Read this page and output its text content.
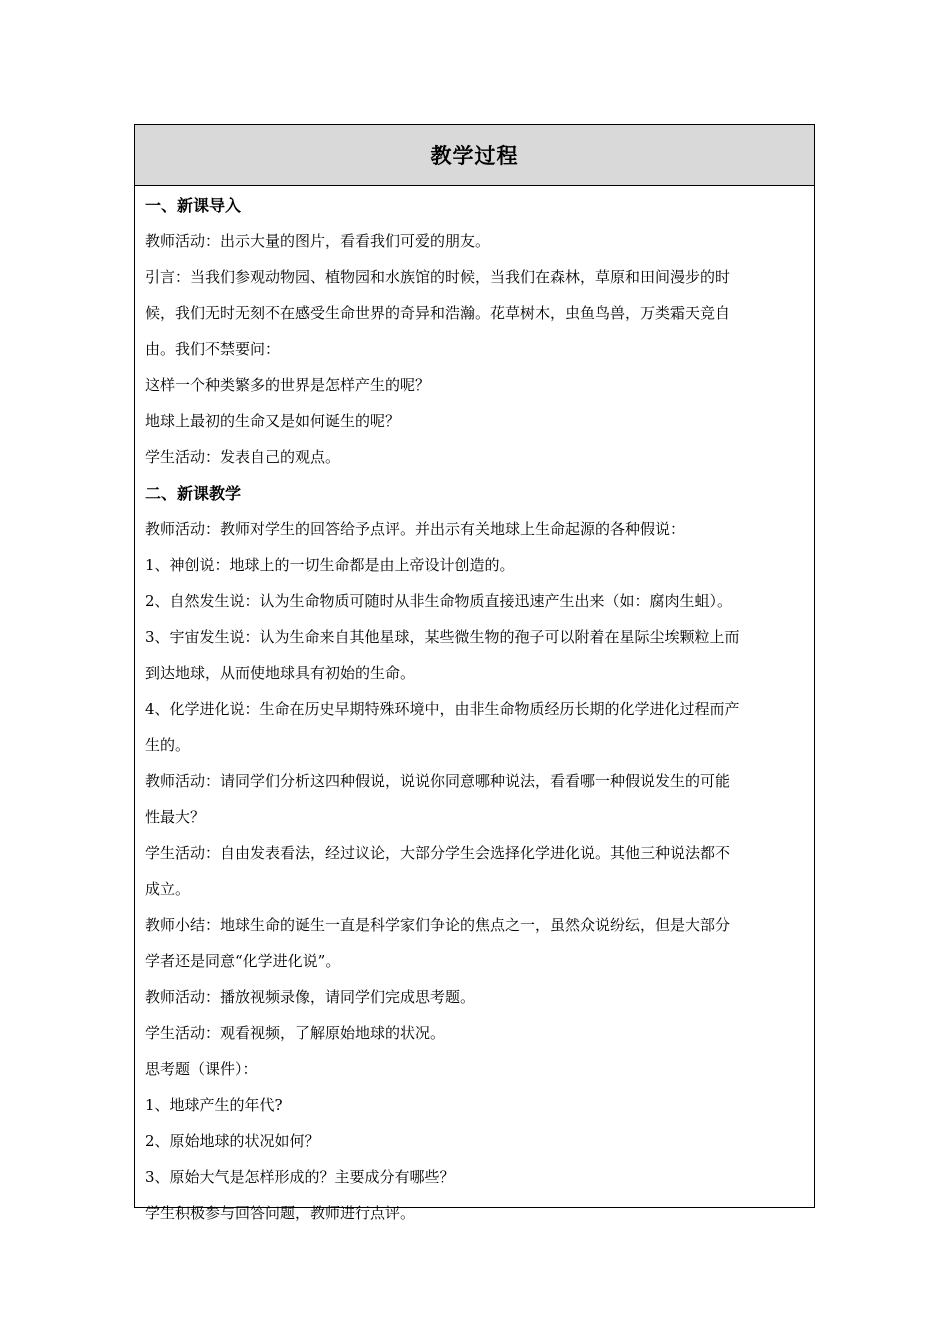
教学过程
一、新课导入
教师活动：出示大量的图片，看看我们可爱的朋友。
引言：当我们参观动物园、植物园和水族馆的时候，当我们在森林，草原和田间漫步的时
候，我们无时无刻不在感受生命世界的奇异和浩瀚。花草树木，虫鱼鸟兽，万类霜天竞自
由。我们不禁要问：
这样一个种类繁多的世界是怎样产生的呢？
地球上最初的生命又是如何诞生的呢？
学生活动：发表自己的观点。
二、新课教学
教师活动：教师对学生的回答给予点评。并出示有关地球上生命起源的各种假说：
1、神创说：地球上的一切生命都是由上帝设计创造的。
2、自然发生说：认为生命物质可随时从非生命物质直接迅速产生出来（如：腐肉生蛆）。
3、宇宙发生说：认为生命来自其他星球，某些微生物的孢子可以附着在星际尘埃颗粒上而
到达地球，从而使地球具有初始的生命。
4、化学进化说：生命在历史早期特殊环境中，由非生命物质经历长期的化学进化过程而产
生的。
教师活动：请同学们分析这四种假说，说说你同意哪种说法，看看哪一种假说发生的可能
性最大？
学生活动：自由发表看法，经过议论，大部分学生会选择化学进化说。其他三种说法都不
成立。
教师小结：地球生命的诞生一直是科学家们争论的焦点之一，虽然众说纷纭，但是大部分
学者还是同意“化学进化说”。
教师活动：播放视频录像，请同学们完成思考题。
学生活动：观看视频，了解原始地球的状况。
思考题（课件）：
1、地球产生的年代?
2、原始地球的状况如何？
3、原始大气是怎样形成的？主要成分有哪些？
学生积极参与回答问题，教师进行点评。
